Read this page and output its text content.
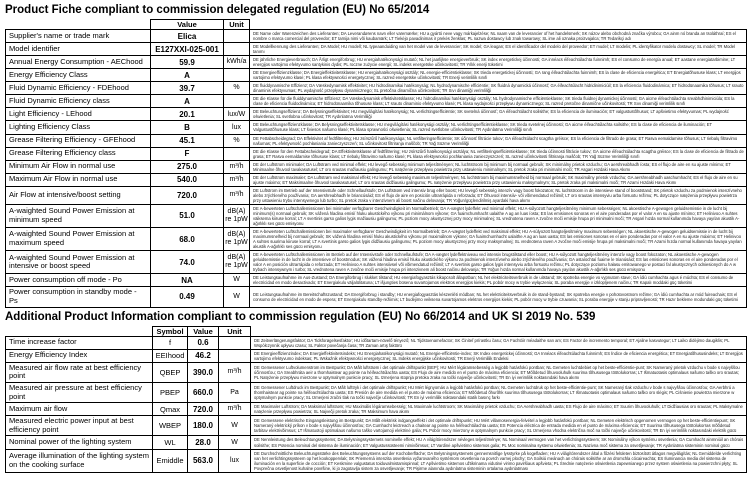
Product Fiche compliant to commission delegated regulation (EU) No 65/2014
	Value	Unit	
Supplier's name or trade mark	Elica		DE Name oder Warenzeichen des Lieferanten; DA Leverandørens navn eller varemærke; HU a gyártó neve vagy márkajelzése; NL naam van de leverancier of het handelsmerk; SK názov alebo obchodná značka výrobcu; GA ainm nó branda an tsoláthraí; ES el nombre o marca comercial del proveedor; ET tarnija nimi või kaubamärk; LT Tiekėjo pavadinimas ir prekės ženklas; PL nazwa dostawcy lub znak towarowy; SL ime ali oznaka proizvajalca; TR Tedarikçi adı
Model identifier	E127XXI-025-001		DE Modellkennung des Lieferanten; DA Model; HU modell; NL typeaanduiding van het model van de leverancier; SK model; GA leagan; ES el identificador del modelo del proveedor; ET mudel; LT modelis; PL identyfikator modelu dostawcy; SL model; TR Model tanımı
Annual Energy Consumption - AEChood	59.9	kWh/a	DE jährliche Energieverbrauch; DA Årligt energiforbrug; HU energiahatékonysági mutató; NL het jaarlijkse energieverbruik; SK index energetickej účinnosti; GA innéacs éifeachtúlachta fuinnimh; ES el consumo de energía anual; ET aastane energiatarbimine; LT energijos vartojimo efektyvumo santykinis dydis; PL roczne zużycie energii; SL indeks energetske učinkovitosti; TR Yıllık enerji tüketimi
Energy Efficiency Class	A		DE Energieeffizienzklasse; DA Energieffektivitetsklasse; HU energiahatékonysági osztály; NL energie-efficiëntieklasse; SK trieda energetickej účinnosti; GA rang éifeachtúlachta fuinnimh; ES la clase de eficiencia energética; ET Energiatõhususe klass; LT energijos vartojimo efektyvumo klasė; PL klasa efektywności energetycznej; SL razred energetske učinkovitosti; TR Enerji verimlilik sınıfı
Fluid Dynamic Efficiency - FDEhood	39.7	%	DE fluiddynamische Effizienz; DA Væskedynamisk effektivitet; HU hidrodinamikai hatékonyság; NL hydrodynamische efficiëntie; SK fluidná dynamická účinnosť; GA éifeachtúlacht hidridinimiciúil; ES la eficiencia fluidodinámica; ET hidrodünaamika tõhusus; LT srauto dinaminis efektyvumas; PL wydajność przepływu dynamicznego; SL pretočna dinamična učinkovitost; TR Sıvı dinamiği verimliliği
Fluid Dynamic Efficiency class	A		DE die Klasse für die fluiddynamische Effizienz; DA Væskedynamisk effektivitetsklasse; HU hidrodinamikai hatékonysági osztály; NL hydrodynamische efficiëntieklasse; SK trieda fluidnej dynamickej účinnosti; GA aicme éifeachtúlachta sreabhdhinimiciúla; ES la clase de eficiencia fluidodinámica; ET hidrodünaamika tõhususe klass; LT srauto dinaminio efektyvumo klasė; PL klasa wydajności przepływu dynamicznego; SL razred pretočne dinamične učinkovitosti; TR Sıvı dinamiği verimlilik sınıfı
Light Efficiency - LEhood	20.1	lux/W	DE Beleuchtungseffizienz; DA Belysningseffektivitet; HU megvilágítási hatékonyság; NL verlichtingsefficiëntie; SK svetelná účinnosť; GA éifeachtúlacht soilsithe; ES la eficiencia de iluminación; ET valgustustõhusus; LT apšvietimo efektyvumas; PL wydajność oświetlenia; SL svetlobna učinkovitost; TR Aydınlatma Verimliliği
Lighting Efficiency Class	B	lux	DE Beleuchtungseffizienzklasse; DA Belysningseffektivitetsklasse; HU megvilágítási hatékonysági osztály; NL verlichtingsefficiëntieklasse; SK trieda svetelnej účinnosti; GA aicme éifeachtúlachta soilsithe; ES la clase de eficiencia de iluminación; ET Valgustustõhususe klass; LT šviesos našumo klasė; PL klasa sprawności oświetlenia; SL razred svetlobne učinkovitosti; TR Aydınlatma Verimliliği sınıfı
Grease Filtering Efficiency - GFEhood	45.1	%	DE Fettabscheidegrad; DA Effektivitet af fedtfiltrering; HU zsírszűrő hatékonysága; NL vetfilteringsefficiëntie; SK účinnosť filtrácie tukov; GA éifeachtúlacht scagtha gréisce; ES la eficiencia de filtrado de grasa; ET Rasva eemaldamise tõhusus; LT riebalų filtravimo našumas; PL efektywność pochłaniania zanieczyszczeń; SL učinkovitost filtriranja maščob; TR Yağ Süzme Verimliliği
Grease Filtering Efficiency class	F		DE die Klasse für den Fettabscheidegrad; DA Effektivitetsklasse af fedtfiltrering; HU zsírszűrő hatékonysági osztálya; NL vetfilteringsefficiëntieklasse; SK trieda účinnosti filtrácie tukov; GA aicme éifeachtúlachta scagtha gréisce; ES la clase de eficiencia de filtrado de grasa; ET Rasva eemaldamise tõhususe klass; LT riebalų filtravimo našumo klasė; PL klasa efektywności pochłaniania zanieczyszczeń; SL razred učinkovitosti filtriranja maščob; TR Yağ Süzme Verimliliği sınıfı
Minimum Air Flow in normal use	275.0	m³/h	DE der Luftstrom minimaler; DA Luftstrøm ved minimal effekt; HU levegő sebesség minimum teljesítményen; NL luchtstroom bij minimum bij normaal gebruik; SK minimálny prietok vzduchu; GA aershreabhadh íosta; ES el flujo de aire en su ajuste mínimo; ET Minimaalne õhuvool tavakasutusel; LT oro srautas mažiausiu galingumu; PL natężenie przepływu powietrza przy ustawieniu minimalnym; SL pretok zraka pri minimalni moči; TR Asgari Hızdaki Hava Akımı
Maximum Air Flow in normal use	540.0	m³/h	DE der Luftstrom maximaler; DA Luftstrøm ved maksimal effekt; HU levegő sebesség maximum teljesítményen; NL luchtstroom bij maximumsnelheid bij normaal gebruik; SK maximálny prietok vzduchu; GA aershreabhadh uaschumhacht; ES el flujo de aire en su ajuste máximo; ET Maksimaalne õhuvool tavakasutusel; LT oro srautas didžiausiu galingumu; PL natężenie przepływu powietrza przy ustawieniu maksymalnym; SL pretok zraka pri maksimalni moči; TR Azami Hızdaki Hava Akımı
Air Flow at intensive/boost setting	720.0	m³/h	DE Luftstrom im Betrieb auf der Intensivstufe oder Schnellaufstufe; DA Luftstrøm ved intensiv brug eller boost; HU levegő sebesség intenzív vagy boost fokozaton; NL luchtstroom in de intensieve stand of booststand; SK prietok vzduchu za podmienok intenzívneho alebo zrýchleného používania; GA aershreabhadh le briancúsáid; ES el flujo de aire en posición ultrarrápida o reforzada; ET Õhuvool intensiiv- või võimendatud režiimil; LT oro srautas intensyviu arba forsuotu režimu; PL dotyczące natężenia przepływu powietrza przy ustawieniu trybu intensywnego lub turbo; SL pretok zraka v intenzivnem ali boost načinu delovanja; TR Yoğun/güçlendirilmiş ayardaki hava akımı
A-waighted Sound Power Emission at minimum speed	51.0	dB(A) re 1pW	DE A-bewerteten Luftschallemissionen bei minimaler verfügbarer Geschwindigkeit im Normalbetrieb; DA A-vægtet lydeffekt ved minimal effekt; HU A-súlyozott hangteljesítmény minimum sebességen; NL akoestische A-gewogen geluidsemissie in de lucht bij minimum(s) normaal gebruik; SK vážená hladina emisií hluku akustického výkonu pri minimálnom výkone; GA fuaimchumhacht ualaithe A ag an luas íosta; ES las emisiones sonoras en el aire ponderadas por el valor A en su ajuste mínimo; ET Helinivoo A suhtes väiksema kiiruse korral; LT A svertinis garso galios lygis mažiausiu galingumu; PL poziom mocy akustycznej przy mocy minimalnej; SL vrednotena raven A zvočne moči emisije hrupa pri minimalni moči; TR Asgari hızda normal kullanımda havaya yayılan akustik A-ağırlıklı ses gücü emisyonu
A-waighted Sound Power Emission at maximum speed	68.0	dB(A) re 1pW	DE A-bewerteten Luftschallemissionen bei maximaler verfügbarer Geschwindigkeit im Normalbetrieb; DA A-vægtet lydeffekt ved maksimal effekt; HU A-súlyozott hangteljesítmény maximum sebességen; NL akoestische A-gewogen geluidsemissie in de lucht bij maximumsnelheid bij normaal gebruik; SK vážená hladina emisií hluku akustického výkonu pri maximálnom výkone; GA fuaimchumhacht ualaithe A ag an luas uasta; ES las emisiones sonoras en el aire ponderadas por el valor A en su ajuste máximo; ET Helinivoo A suhtes suurima kiiruse korral; LT A svertinis garso galios lygis didžiausiu galingumu; PL poziom mocy akustycznej przy mocy maksymalnej; SL vrednotena raven A zvočne moči emisije hrupa pri maksimalni moči; TR Azami hızda normal kullanımda havaya yayılan akustik A-ağırlıklı ses gücü emisyonu
A-waighted Sound Power Emission at intensive or boost speed	74.0	dB(A) re 1pW	DE A-bewerteten Luftschallemissionen im Betrieb auf der Intensivstufe oder Schnellaufstufe; DA A-vægtet lydeffektniveau ved intensiv brugstilstand eller boost; HU A-súlyozott hangteljesítmény intenzív vagy boost fokozaton; NL akoestische A-gewogen geluidsemissie in de lucht in de intensieve of boostmodus; SK vážená hladina emisií hluku akustického výkonu za podmienok intenzívneho alebo zrýchleného používania; GA astaíochtaí fuaime le trianúsáid; ES las emisiones sonoras en el aire ponderadas por el valor A en posición ultrarrápida o reforzada; ET Helinivoo A suhtes intensiivsel või võimendatud režiimil; LT A svertinis garso galios lygis intensyviu arba forsuotu režimu; PL dotyczące poziomu hałasu emitowanego w postaci fal akustycznych odniesionych do A w trybach intensywnym i turbo; SL vrednotena raven A zvočne moči emisije hrupa pri intenzivnem ali boost načinu delovanja; TR Yoğun hızda normal kullanımda havaya yayılan akustik A-ağırlıklı ses gücü emisyonu
Power consumption off mode - Po	NA	W	DE Leistungsaufnahme im Aus-Zustand; DA Energiforbrug i slukket tilstand; HU energiafogyasztás kikapcsolt állapotban; NL het elektriciteitsverbruik in de uitstand; SK spotreba energie vo vypnutom stave; GA ídiú cumhachta agus é múchta; ES el consumo de electricidad en modo desactivado; ET Energiakulu väljalülitatuna; LT išjungties būsena suvartojamos elektros energijos kiekis; PL pobór mocy w trybie wyłączenia; SL poraba energije v izklopljenem načinu; TR Kapalı moddaki güç tüketimi
Power consumption in standby mode - Ps	0.49	W	DE Leistungsaufnahme im Bereitschaftszustand; DA Energiforbrug i standby; HU energiafogyasztás készenléti módban; NL het elektriciteitsverbruik in de stand-bystand; SK spotreba energie v pohotovostnom režime; GA ídiú cumhachta ar mód fuireachais; ES el consumo de electricidad en modo de espera; ET Energiakulu standby-režiimis; LT budėjimo veiksena suvartojamos elektros energijos kiekis; PL pobór mocy w trybie czuwania; SL poraba energije v stanju pripravljenosti; TR Hazır bekleme modundaki güç tüketimi
Additional Product Information compliant to commission regulation (EU) No 66/2014 and UK SI 2019 No. 539
	Symbol	Value	Unit	
Time increase factor	f	0.6		DE Zeitverlängerungsfaktor; DA Tidsforøgelsesfaktor; HU időtartam-növelő tényező; NL Tijdstoenamefactor; SK Činiteľ prírastku času; GA Fachtóir méadaithe san am; ES Factor de incremento temporal; ET Ajaline kasvutegur; LT Laiko didėjimo daugiklis; PL Współczynnik upływu czasu; SL Faktor povečanja časa; TR Zaman artış faktörü
Energy Efficiency Index	EEIhood	46.2		DE Energieeffizienzindex; DA Energieffektivitetsindeks; HU Energiahatékonysági mutató; NL Energie-efficiëntie-index; SK Index energetickej účinnosti; GA Innéacs éifeachtúlachta fuinnimh; ES Índice de eficiencia energética; ET Energiatõhususindeks; LT Energijos vartojimo efektyvumo indeksas; PL Wskaźnik efektywności energetycznej; SL Indeks energijske učinkovitosti; TR Enerji Verimlilik Endeksi
Measured air flow rate at best efficiency point	QBEP	390.0	m³/h	DE Gemessener Luftvolumenstrom im Bestpunkt; DA Målt luftstrøm i det optimale driftspunkt (BEP); HU Mért légáramsebesség a legjobb hatásfokú pontban; NL Gemeten luchtdebiet op het beste-efficiëntie-punt; SK Nameraný prietok vzduchu v bode s najvyššou účinnosťou; GA Sreabhráta aeir a thomhaistear ag pointe na héifeachtúlachta uasta; ES Flujo de aire medido en el punto de máxima eficiencia; ET Mõõdetud õhuvooluhulk suurima tõhususega töötolukorras; LT Išmatuotasis optimalaus našumo taško oro srautas; PL Natężenie przepływu mierzone w optymalnym punkcie pracy; SL Izmerjena stopnja pretoka zraka na točki največje učinkovitosti; TR En iyi verimlilik noktasındaki hava akımı
Measured air pressure at best efficiency point	PBEP	660.0	Pa	DE Gemessener Luftdruck im Bestpunkt; DA Målt lufttryk i det optimale driftspunkt; HU Mért légnyomás a legjobb hatásfokú pontban; NL Gemeten luchtdruk op het beste-efficiëntie-punt; SK Nameraný tlak vzduchu v bode s najvyššou účinnosťou; GA Aerbhrú a thomhaistear ag pointe na héifeachtúlachta uasta; ES Presión de aire medida en el punto de máxima eficiencia; ET Mõõdetud õhurõhk suurima tõhususega töötolukorras; LT Išmatuotasis optimalaus našumo taško oro slėgis; PL Ciśnienie powietrza mierzone w optymalnym punkcie pracy; SL Izmerjeni zračni tlak na točki največje učinkovitosti; TR En iyi verimlilik noktasındaki statik basınç farkı
Maximum air flow	Qmax	720.0	m³/h	DE Maximaler Luftstrom; DA Maksimal luftstrøm; HU Maximális légáramsebesség; NL Maximale luchtstroom; SK Maximálny prietok vzduchu; GA Aershreabhadh uasta; ES Flujo de aire máximo; ET Suurim õhuvooluhulk; LT Didžiausias oro srautas; PL Maksymalne natężenie przepływu powietrza; SL Največji pretok zraka; TR Maksimum hava akımı
Measured electric power input at best efficiency point	WBEP	180.0	W	DE Gemessene elektrische Eingangsleistung im Bestpunkt; DA Målt elektrisk indgangseffekt i det optimale driftspunkt; HU Mért villamosenergia-felvétel a legjobb hatásfokú pontban; NL Gemeten elektrisch opgenomen vermogen op het beste-efficiëntiepunt; SK Nameraný elektrický príkon v bode s najvyššou účinnosťou; GA Cumhacht leictreach a chaitear ag pointe na héifeachtúlachta uasta; ES Potencia eléctrica de entrada medida en el punto de máxima eficiencia; ET Suurima tõhususega töötolukorras mõõdetud tarbitav elektrivõimsus; LT Išmatuotoji optimalaus našumo taško vartojamoji elektrinė galia; PL Pobór mocy mierzony w optymalnym punkcie pracy; SL Izmerjena vhodna električna moč na točki največje učinkovitosti; TR En iyi verimlilik noktasındaki elektrik gücü
Nominal power of the lighting system	WL	28.0	W	DE Nennleistung des Beleuchtungssystems; DA Belysningssystemets nominelle effekt; HU A világítórendszer névleges teljesítménye; NL Nominaal vermogen van het verlichtingssysteem; SK Nominálny výkon systému osvetlenia; GA Cumhacht ainmniúil an chórais soilsithe; ES Potencia nominal del sistema de iluminación; ET Valgustussüsteemi nimivõimsus; LT Vardinė apšvietimo sistemos galia; PL Moc nominalna systemu oświetlenia; SL Nazivna moč sistema za osvetljevanje; TR Aydınlatma sisteminin nominal gücü
Average illumination of the lighting system on the cooking surface	Emiddle	563.0	lux	DE Durchschnittliche Beleuchtungsstärke des Beleuchtungssystems auf der Kochoberfläche; DA Belysningssystemets gennemsnitlige lysstyrke på kogefladen; HU A világítórendszer által a főzési felületen biztosított átlagos megvilágítás; NL Gemiddelde verlichting van het verlichtingssysteem op het kookoppervlak; SK Priemerná intenzita osvetlenia vyžarovaného systémom osvetlenia na povrch varnej plochy; GA Soilsiú meánach an chórais soilsithe ar an dromchla cócaireachta; ES Iluminancia media del sistema de iluminación en la superficie de cocción; ET Keskmine valgustatus toiduvalmistamispinnal; LT Apšvietimo sistemos užtikrinama vidutinė virimo paviršiaus apšvieta; PL Średnie natężenie oświetlenia zapewnianego przez system oświetlenia na powierzchni płyty; SL Povprečna osvetljenost kuhalne površine, ki jo zagotavlja sistem za osvetljevanje; TR Pişirme alanında aydınlatma sisteminin ortalama aydınlatması
